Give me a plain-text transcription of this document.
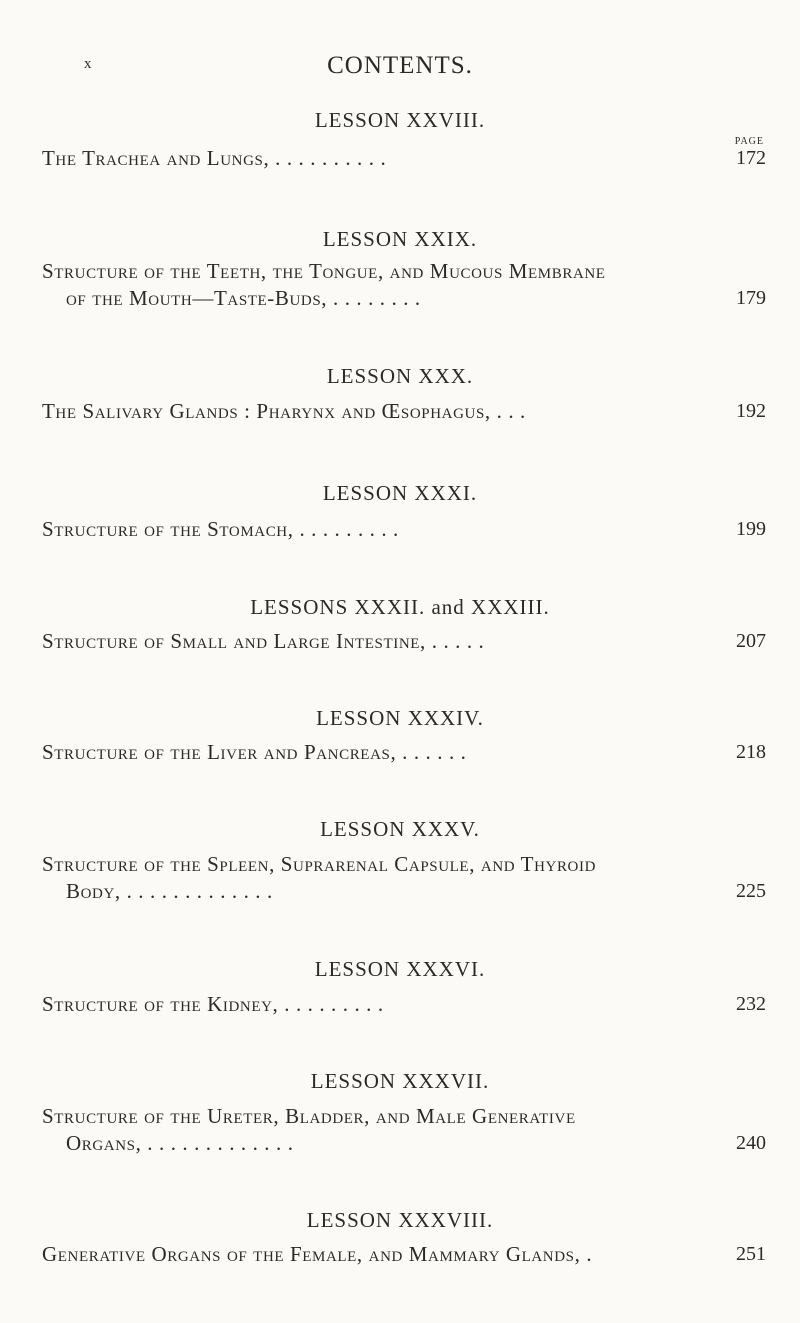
x	CONTENTS.
PAGE
LESSON XXVIII.
The Trachea and Lungs, . . . . . . . . . .	172
LESSON XXIX.
Structure of the Teeth, the Tongue, and Mucous Membrane
of the Mouth—Taste-Buds, . . . . . . . .	179
LESSON XXX.
The Salivary Glands : Pharynx and Œsophagus, . . .	192
LESSON XXXI.
Structure of the Stomach, . . . . . . . . .	199
LESSONS XXXII. and XXXIII.
Structure of Small and Large Intestine, . . . . .	207
LESSON XXXIV.
Structure of the Liver and Pancreas, . . . . . .	218
LESSON XXXV.
Structure of the Spleen, Suprarenal Capsule, and Thyroid
Body, . . . . . . . . . . . . .	225
LESSON XXXVI.
Structure of the Kidney, . . . . . . . . .	232
LESSON XXXVII.
Structure of the Ureter, Bladder, and Male Generative
Organs, . . . . . . . . . . . . .	240
LESSON XXXVIII.
Generative Organs of the Female, and Mammary Glands, .	251
